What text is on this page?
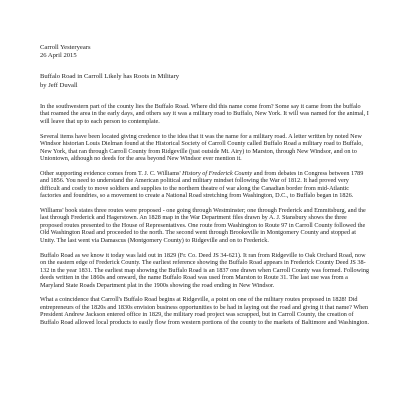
Carroll Yesteryears
26 April 2015
Buffalo Road in Carroll Likely has Roots in Military
by Jeff Duvall

In the southwestern part of the county lies the Buffalo Road. Where did this name come from? Some say it came from the buffalo that roamed the area in the early days, and others say it was a military road to Buffalo, New York. It will was named for the animal, I will leave that up to each person to contemplate.

Several items have been located giving credence to the idea that it was the name for a military road. A letter written by noted New Windsor historian Louis Dielman found at the Historical Society of Carroll County called Buffalo Road a military road to Buffalo, New York, that ran through Carroll County from Ridgeville (just outside Mt. Airy) to Marston, through New Windsor, and on to Uniontown, although no deeds for the area beyond New Windsor ever mention it.

Other supporting evidence comes from T. J. C. Williams' History of Frederick County and from debates in Congress between 1789 and 1856. You need to understand the American political and military mindset following the War of 1812. It had proved very difficult and costly to move soldiers and supplies to the northern theatre of war along the Canadian border from mid-Atlantic factories and foundries, so a movement to create a National Road stretching from Washington, D.C., to Buffalo began in 1826.

Williams' book states three routes were proposed - one going through Westminster; one through Frederick and Emmitsburg, and the last through Frederick and Hagerstown. An 1828 map in the War Department files drawn by A. J. Stansbury shows the three proposed routes presented to the House of Representatives. One route from Washington to Route 97 in Carroll County followed the Old Washington Road and proceeded to the north. The second went through Brookeville in Montgomery County and stopped at Unity. The last went via Damascus (Montgomery County) to Ridgeville and on to Frederick.

Buffalo Road as we know it today was laid out in 1829 (Fr. Co. Deed JS 34-621). It ran from Ridgeville to Oak Orchard Road, now on the eastern edge of Frederick County. The earliest reference showing the Buffalo Road appears in Frederick County Deed JS 38-132 in the year 1831. The earliest map showing the Buffalo Road is an 1837 one drawn when Carroll County was formed. Following deeds written in the 1860s and onward, the name Buffalo Road was used from Marston to Route 31. The last use was from a Maryland State Roads Department plat in the 1900s showing the road ending in New Windsor.

What a coincidence that Carroll's Buffalo Road begins at Ridgeville, a point on one of the military routes proposed in 1828! Did entrepreneurs of the 1820s and 1830s envision business opportunities to be had in laying out the road and giving it that name? When President Andrew Jackson entered office in 1829, the military road project was scrapped, but in Carroll County, the creation of Buffalo Road allowed local products to easily flow from western portions of the county to the markets of Baltimore and Washington.
